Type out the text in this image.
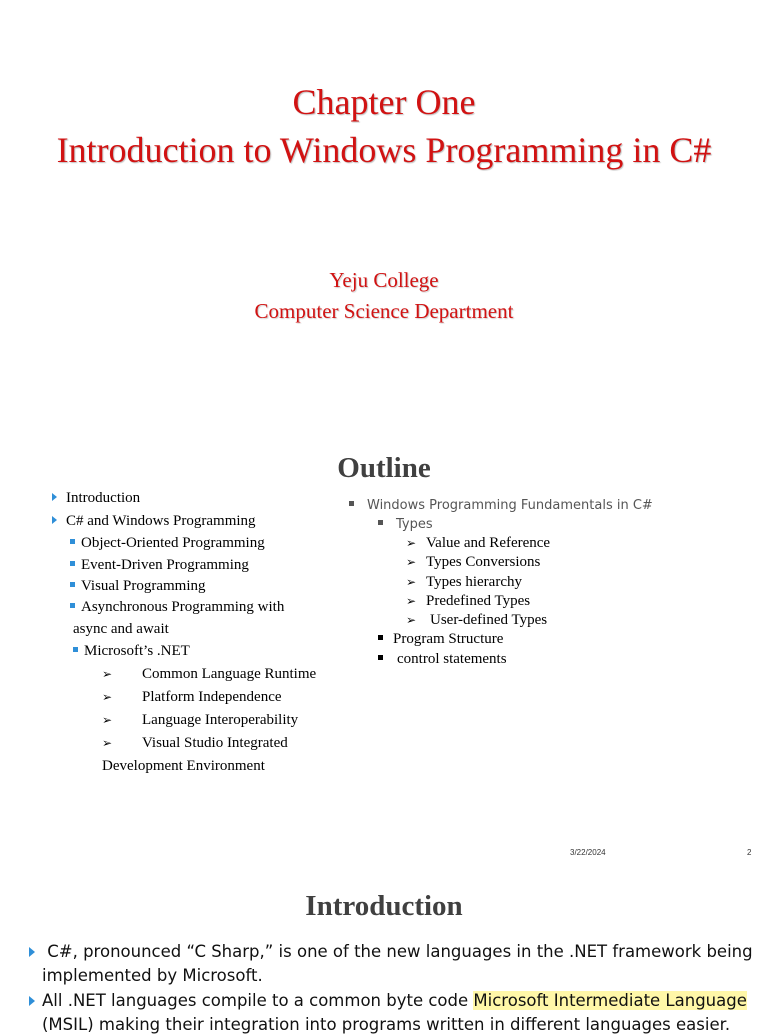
Chapter One
Introduction to Windows Programming in C#
Yeju College
Computer Science Department
Outline
Introduction
C# and Windows Programming
Object-Oriented Programming
Event-Driven Programming
Visual Programming
Asynchronous Programming with
async and await
Microsoft’s .NET
➢ Common Language Runtime
➢ Platform Independence
➢ Language Interoperability
➢ Visual Studio Integrated
Development Environment
Windows Programming Fundamentals in C#
Types
➢ Value and Reference
➢ Types Conversions
➢ Types hierarchy
➢ Predefined Types
➢ User-defined Types
Program Structure
control statements
3/22/2024	2
Introduction
C#, pronounced “C Sharp,” is one of the new languages in the .NET framework being
implemented by Microsoft.
All .NET languages compile to a common byte code Microsoft Intermediate Language
(MSIL) making their integration into programs written in different languages easier.
